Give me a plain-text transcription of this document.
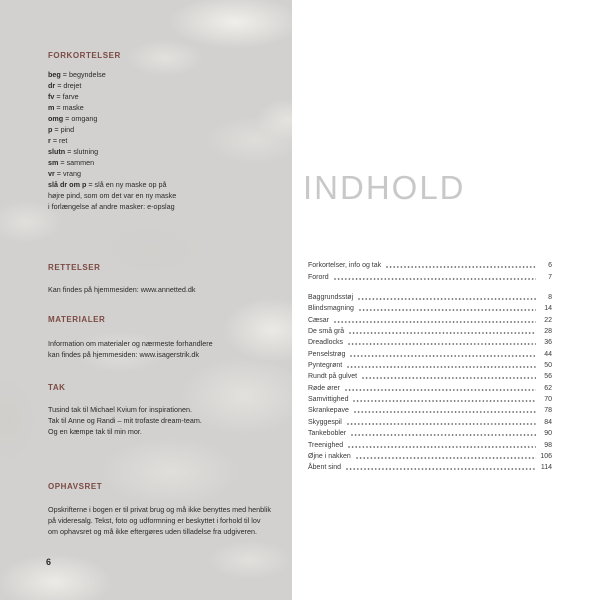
FORKORTELSER
beg = begyndelse
dr = drejet
fv = farve
m = maske
omg = omgang
p = pind
r = ret
slutn = slutning
sm = sammen
vr = vrang
slå dr om p = slå en ny maske op på
højre pind, som om det var en ny maske
i forlængelse af andre masker: e-opslag
RETTELSER
Kan findes på hjemmesiden: www.annetted.dk
MATERIALER
Information om materialer og nærmeste forhandlere
kan findes på hjemmesiden: www.isagerstrik.dk
TAK
Tusind tak til Michael Kvium for inspirationen.
Tak til Anne og Randi – mit trofaste dream-team.
Og en kæmpe tak til min mor.
OPHAVSRET
Opskrifterne i bogen er til privat brug og må ikke benyttes med henblik
på videresalg. Tekst, foto og udformning er beskyttet i forhold til lov
om ophavsret og må ikke eftergøres uden tilladelse fra udgiveren.
6
INDHOLD
Forkortelser, info og tak	6
Forord	7
Baggrundsstøj	8
Blindsmagning	14
Cæsar	22
De små grå	28
Dreadlocks	36
Penselstrøg	44
Pyntegrønt	50
Rundt på gulvet	56
Røde ører	62
Samvittighed	70
Skrankepave	78
Skyggespil	84
Tankebobler	90
Treenighed	98
Øjne i nakken	106
Åbent sind	114
